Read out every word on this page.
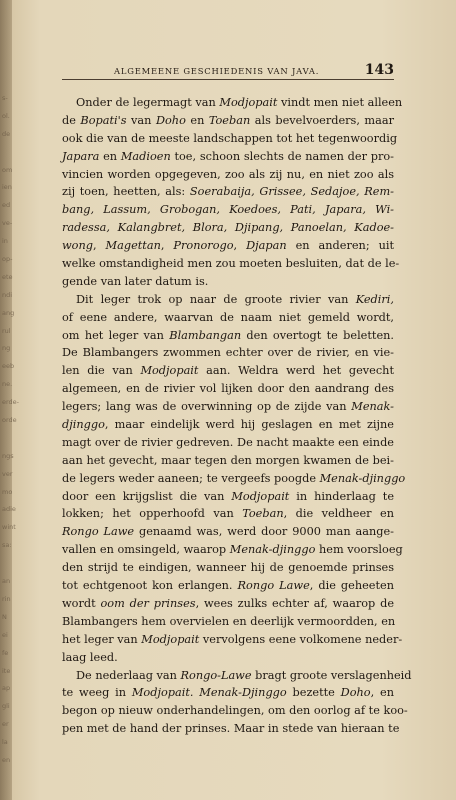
s-
ol.
de
om
ien
ed
ve-
in
op-
ete
ndi
ang
rul
ng
eeb
ne.
erde-
orde
ngs
ver
mo
adie
wint
sa:
an
rin
N
ei
fe
ite
ap
gli
er
la
en
ALGEMEENE GESCHIEDENIS VAN JAVA.	143
Onder de legermagt van Modjopait vindt men niet alleen
de Bopati's van Doho en Toeban als bevelvoerders, maar
ook die van de meeste landschappen tot het tegenwoordig
Japara en Madioen toe, schoon slechts de namen der pro-
vincien worden opgegeven, zoo als zij nu, en niet zoo als
zij toen, heetten, als: Soerabaija, Grissee, Sedajoe, Rem-
bang, Lassum, Grobogan, Koedoes, Pati, Japara, Wi-
radessa, Kalangbret, Blora, Djipang, Panoelan, Kadoe-
wong, Magettan, Pronorogo, Djapan en anderen; uit
welke omstandigheid men zou moeten besluiten, dat de le-
gende van later datum is.
Dit leger trok op naar de groote rivier van Kediri,
of eene andere, waarvan de naam niet gemeld wordt,
om het leger van Blambangan den overtogt te beletten.
De Blambangers zwommen echter over de rivier, en vie-
len die van Modjopait aan. Weldra werd het gevecht
algemeen, en de rivier vol lijken door den aandrang des
legers; lang was de overwinning op de zijde van Menak-
djinggo, maar eindelijk werd hij geslagen en met zijne
magt over de rivier gedreven. De nacht maakte een einde
aan het gevecht, maar tegen den morgen kwamen de bei-
de legers weder aaneen; te vergeefs poogde Menak-djinggo
door een krijgslist die van Modjopait in hinderlaag te
lokken; het opperhoofd van Toeban, die veldheer en
Rongo Lawe genaamd was, werd door 9000 man aange-
vallen en omsingeld, waarop Menak-djinggo hem voorsloeg
den strijd te eindigen, wanneer hij de genoemde prinses
tot echtgenoot kon erlangen. Rongo Lawe, die geheeten
wordt oom der prinses, wees zulks echter af, waarop de
Blambangers hem overvielen en deerlijk vermoordden, en
het leger van Modjopait vervolgens eene volkomene neder-
laag leed.
De nederlaag van Rongo-Lawe bragt groote verslagenheid
te weeg in Modjopait. Menak-Djinggo bezette Doho, en
begon op nieuw onderhandelingen, om den oorlog af te koo-
pen met de hand der prinses. Maar in stede van hieraan te
